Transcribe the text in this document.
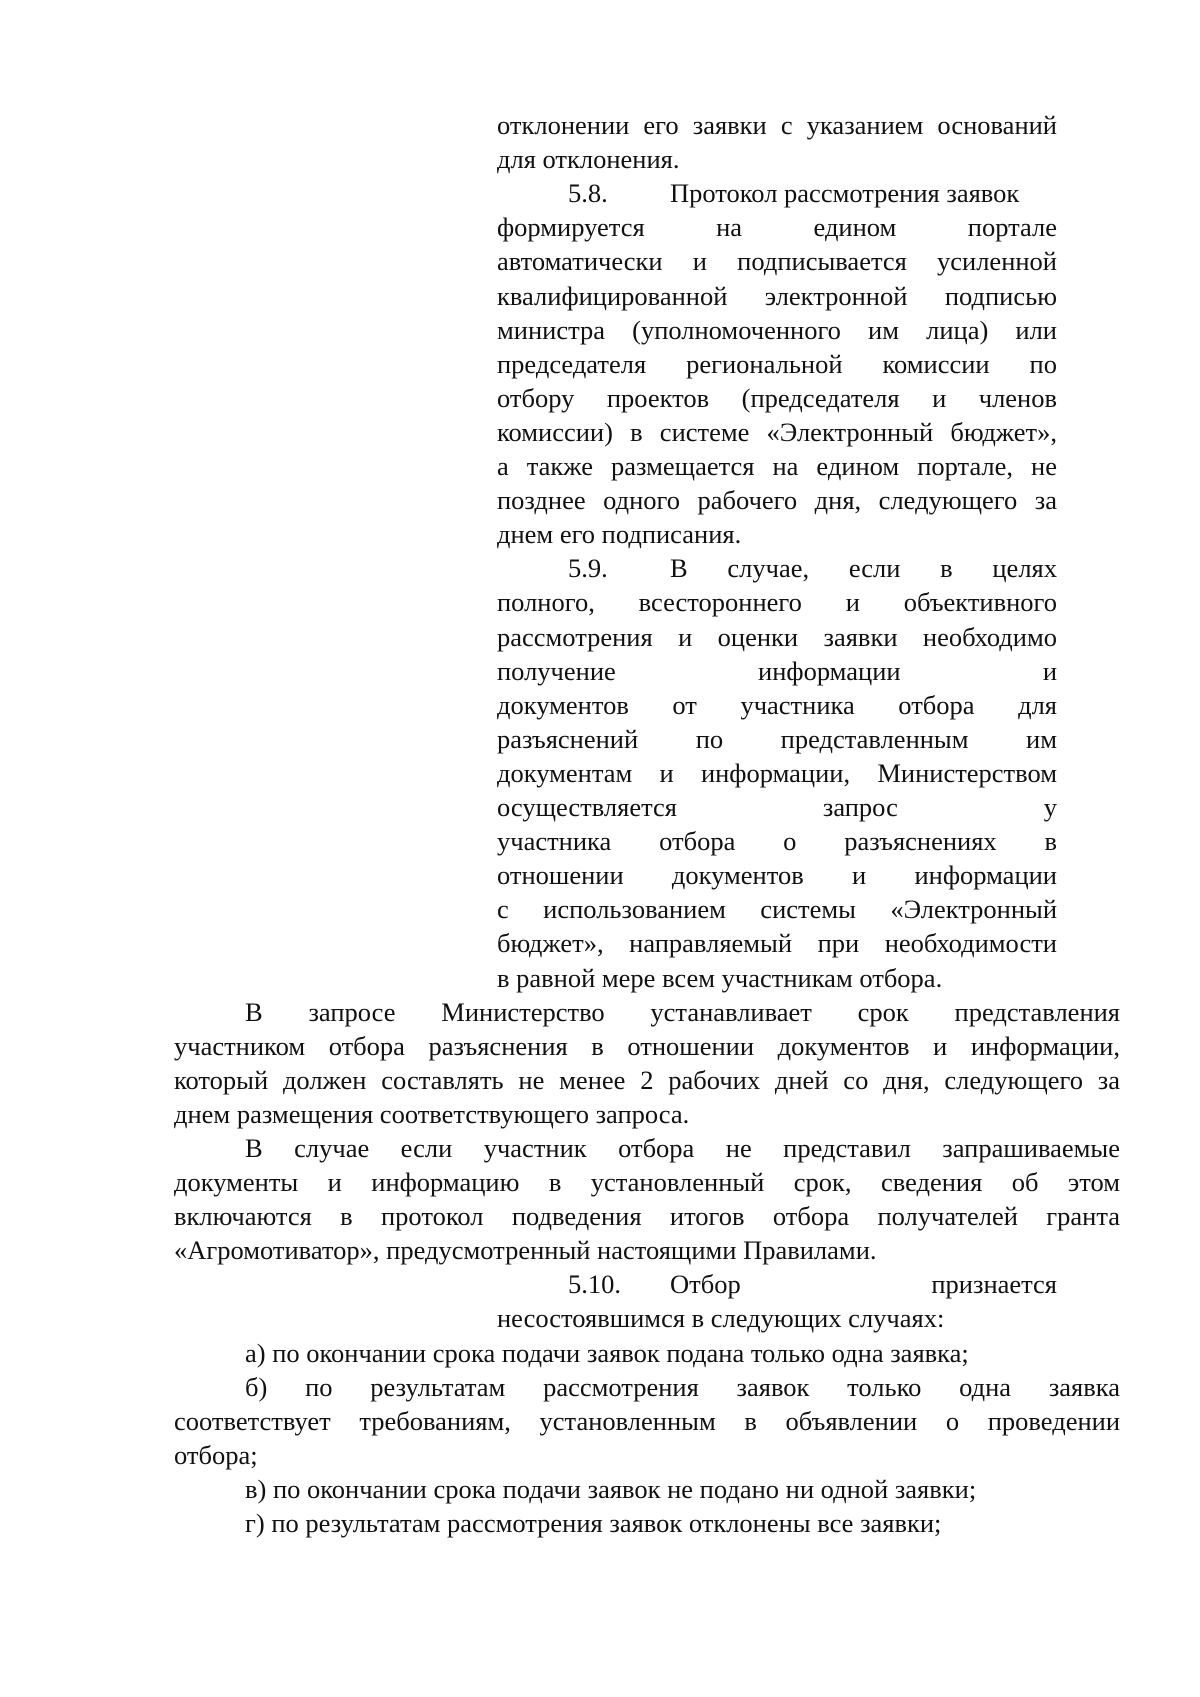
отклонении его заявки с указанием оснований
для отклонения.
5.8. Протокол рассмотрения заявок
формируется на едином портале
автоматически и подписывается усиленной
квалифицированной электронной подписью
министра (уполномоченного им лица) или
председателя региональной комиссии по
отбору проектов (председателя и членов
комиссии) в системе «Электронный бюджет»,
а также размещается на едином портале, не
позднее одного рабочего дня, следующего за
днем его подписания.
5.9. В случае, если в целях
полного, всестороннего и объективного
рассмотрения и оценки заявки необходимо
получение информации и
документов от участника отбора для
разъяснений по представленным им
документам и информации, Министерством
осуществляется запрос у
участника отбора о разъяснениях в
отношении документов и информации
с использованием системы «Электронный
бюджет», направляемый при необходимости
в равной мере всем участникам отбора.
В запросе Министерство устанавливает срок представления
участником отбора разъяснения в отношении документов и информации,
который должен составлять не менее 2 рабочих дней со дня, следующего за
днем размещения соответствующего запроса.
В случае если участник отбора не представил запрашиваемые
документы и информацию в установленный срок, сведения об этом
включаются в протокол подведения итогов отбора получателей гранта
«Агромотиватор», предусмотренный настоящими Правилами.
5.10. Отбор признается
несостоявшимся в следующих случаях:
а) по окончании срока подачи заявок подана только одна заявка;
б) по результатам рассмотрения заявок только одна заявка
соответствует требованиям, установленным в объявлении о проведении
отбора;
в) по окончании срока подачи заявок не подано ни одной заявки;
г) по результатам рассмотрения заявок отклонены все заявки;
